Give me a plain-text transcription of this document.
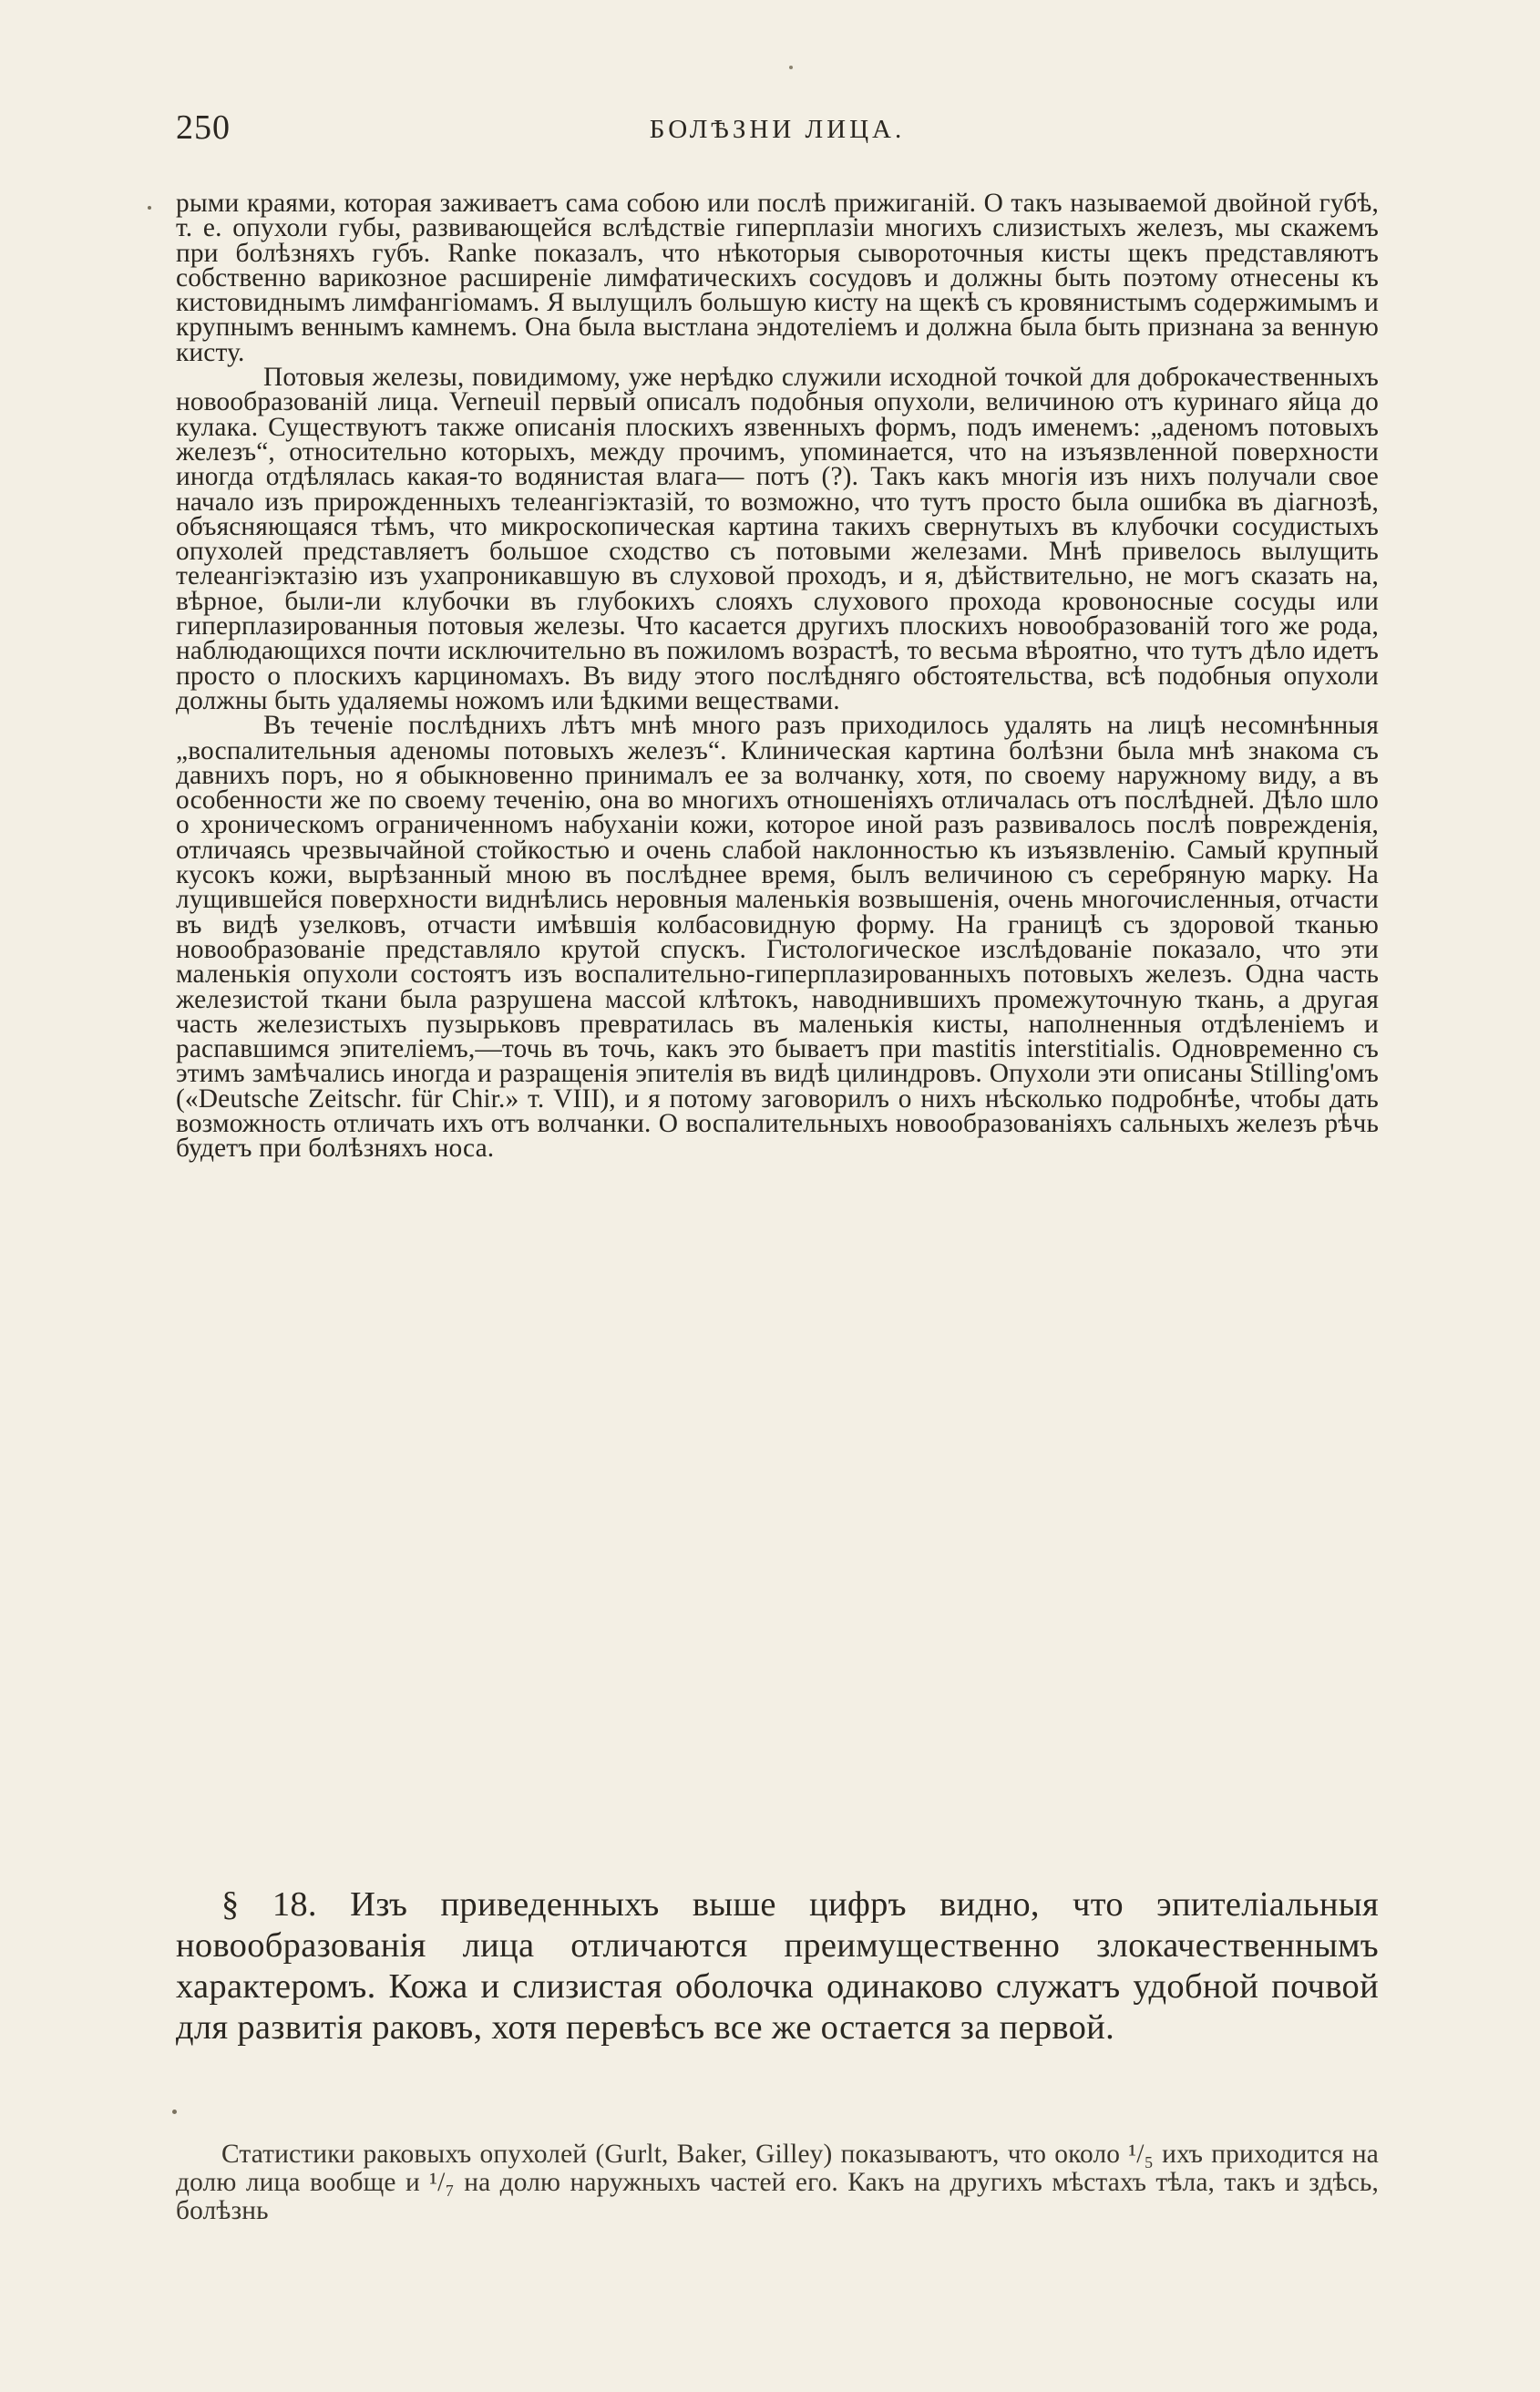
250	БОЛѢЗНИ ЛИЦА.

рыми краями, которая заживаетъ сама собою или послѣ прижиганій. О такъ называемой двойной губѣ, т. е. опухоли губы, развивающейся вслѣдствіе гиперплазіи многихъ слизистыхъ железъ, мы скажемъ при болѣзняхъ губъ. Ranke показалъ, что нѣкоторыя сывороточныя кисты щекъ представляютъ собственно варикозное расширеніе лимфатическихъ сосудовъ и должны быть поэтому отнесены къ кистовиднымъ лимфангіомамъ. Я вылущилъ большую кисту на щекѣ съ кровянистымъ содержимымъ и крупнымъ веннымъ камнемъ. Она была выстлана эндотеліемъ и должна была быть признана за венную кисту.

Потовыя железы, повидимому, уже нерѣдко служили исходной точкой для доброкачественныхъ новообразованій лица. Verneuil первый описалъ подобныя опухоли, величиною отъ куринаго яйца до кулака. Существуютъ также описанія плоскихъ язвенныхъ формъ, подъ именемъ: „аденомъ потовыхъ железъ“, относительно которыхъ, между прочимъ, упоминается, что на изъязвленной поверхности иногда отдѣлялась какая-то водянистая влага— потъ (?). Такъ какъ многія изъ нихъ получали свое начало изъ прирожденныхъ телеангіэктазій, то возможно, что тутъ просто была ошибка въ діагнозѣ, объясняющаяся тѣмъ, что микроскопическая картина такихъ свернутыхъ въ клубочки сосудистыхъ опухолей представляетъ большое сходство съ потовыми железами. Мнѣ привелось вылущить телеангіэктазію изъ ухапроникавшую въ слуховой проходъ, и я, дѣйствительно, не могъ сказать на, вѣрное, были-ли клубочки въ глубокихъ слояхъ слухового прохода кровоносные сосуды или гиперплазированныя потовыя железы. Что касается другихъ плоскихъ новообразованій того же рода, наблюдающихся почти исключительно въ пожиломъ возрастѣ, то весьма вѣроятно, что тутъ дѣло идетъ просто о плоскихъ карциномахъ. Въ виду этого послѣдняго обстоятельства, всѣ подобныя опухоли должны быть удаляемы ножомъ или ѣдкими веществами.

Въ теченіе послѣднихъ лѣтъ мнѣ много разъ приходилось удалять на лицѣ несомнѣнныя „воспалительныя аденомы потовыхъ железъ“. Клиническая картина болѣзни была мнѣ знакома съ давнихъ поръ, но я обыкновенно принималъ ее за волчанку, хотя, по своему наружному виду, а въ особенности же по своему теченію, она во многихъ отношеніяхъ отличалась отъ послѣдней. Дѣло шло о хроническомъ ограниченномъ набуханіи кожи, которое иной разъ развивалось послѣ поврежденія, отличаясь чрезвычайной стойкостью и очень слабой наклонностью къ изъязвленію. Самый крупный кусокъ кожи, вырѣзанный мною въ послѣднее время, былъ величиною съ серебряную марку. На лущившейся поверхности виднѣлись неровныя маленькія возвышенія, очень многочисленныя, отчасти въ видѣ узелковъ, отчасти имѣвшія колбасовидную форму. На границѣ съ здоровой тканью новообразованіе представляло крутой спускъ. Гистологическое изслѣдованіе показало, что эти маленькія опухоли состоятъ изъ воспалительно-гиперплазированныхъ потовыхъ железъ. Одна часть железистой ткани была разрушена массой клѣтокъ, наводнившихъ промежуточную ткань, а другая часть железистыхъ пузырьковъ превратилась въ маленькія кисты, наполненныя отдѣленіемъ и распавшимся эпителіемъ,—точь въ точь, какъ это бываетъ при mastitis interstitialis. Одновременно съ этимъ замѣчались иногда и разращенія эпителія въ видѣ цилиндровъ. Опухоли эти описаны Stilling'омъ («Deutsche Zeitschr. für Chir.» т. VIII), и я потому заговорилъ о нихъ нѣсколько подробнѣе, чтобы дать возможность отличать ихъ отъ волчанки. О воспалительныхъ новообразованіяхъ сальныхъ железъ рѣчь будетъ при болѣзняхъ носа.

§ 18. Изъ приведенныхъ выше цифръ видно, что эпителіальныя новообразованія лица отличаются преимущественно злокачественнымъ характеромъ. Кожа и слизистая оболочка одинаково служатъ удобной почвой для развитія раковъ, хотя перевѣсъ все же остается за первой.

Статистики раковыхъ опухолей (Gurlt, Baker, Gilley) показываютъ, что около ¹/₅ ихъ приходится на долю лица вообще и ¹/₇ на долю наружныхъ частей его. Какъ на другихъ мѣстахъ тѣла, такъ и здѣсь, болѣзнь
